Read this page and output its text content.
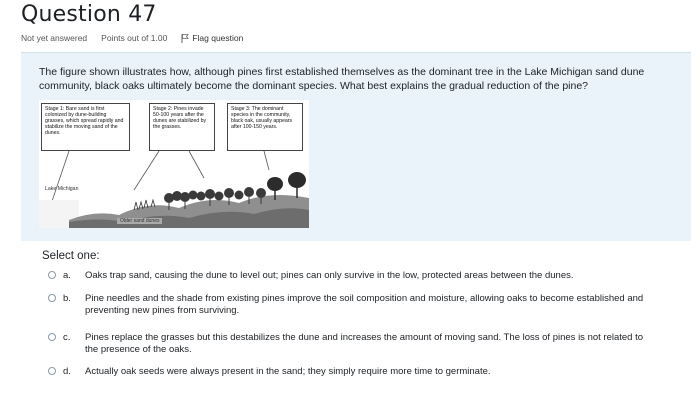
Question 47
Not yet answered Points out of 1.00	Flag question
The figure shown illustrates how, although pines first established themselves as the dominant tree in the Lake Michigan sand dune community, black oaks ultimately become the dominant species. What best explains the gradual reduction of the pine?
Stage 1: Bare sand is first colonized by dune-building grasses, which spread rapidly and stabilize the moving sand of the dunes.
Stage 2: Pines invade 50-100 years after the dunes are stabilized by the grasses.
Stage 3: The dominant species in the community, black oak, usually appears after 100-150 years.
Lake Michigan
Older sand dunes
Select one:
a.	Oaks trap sand, causing the dune to level out; pines can only survive in the low, protected areas between the dunes.
b.	Pine needles and the shade from existing pines improve the soil composition and moisture, allowing oaks to become established and preventing new pines from surviving.
c.	Pines replace the grasses but this destabilizes the dune and increases the amount of moving sand. The loss of pines is not related to the presence of the oaks.
d.	Actually oak seeds were always present in the sand; they simply require more time to germinate.
